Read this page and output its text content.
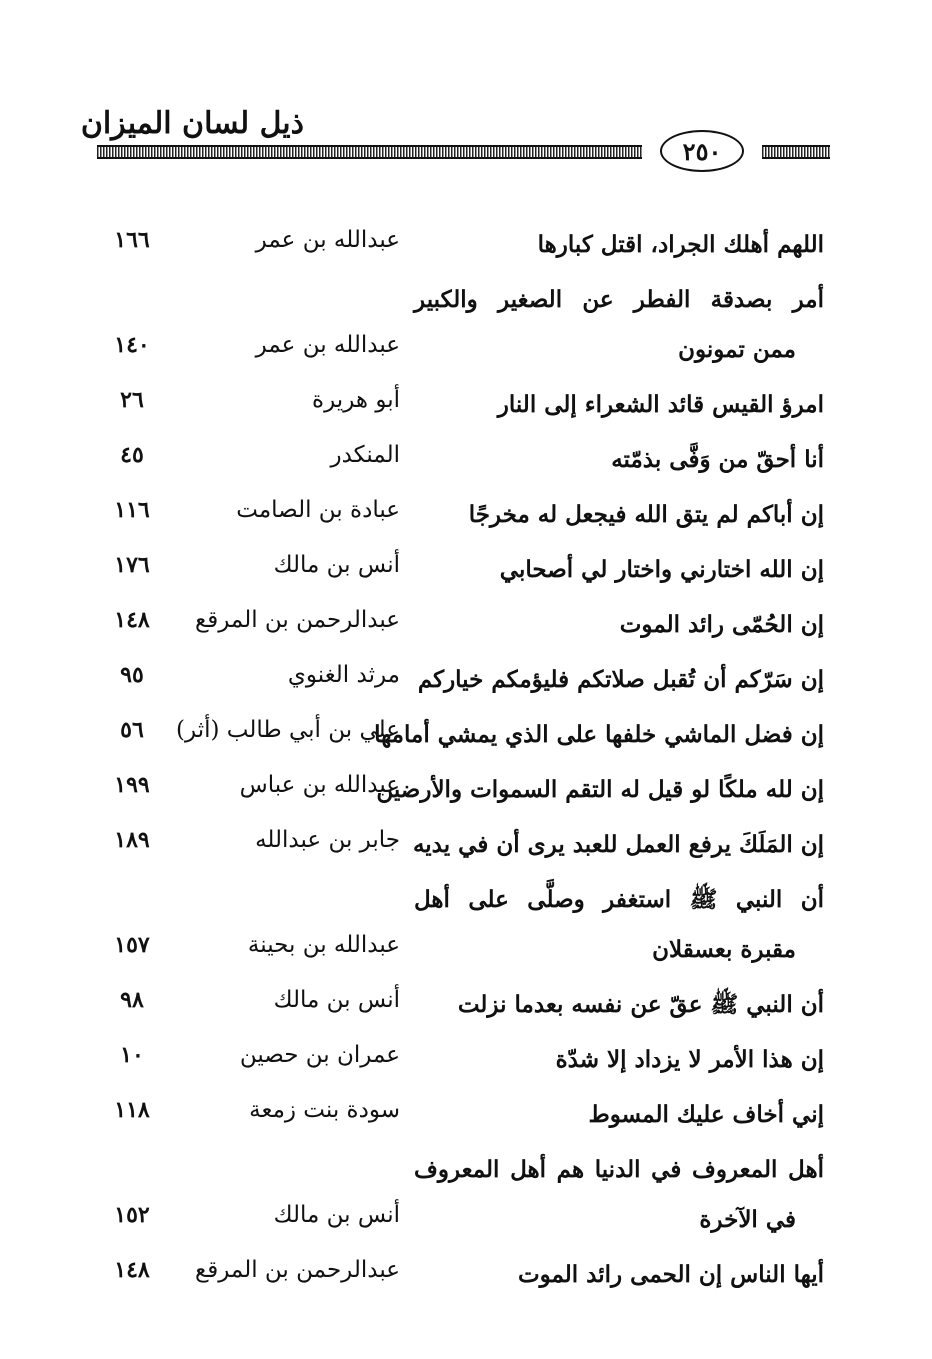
ذيل لسان الميزان
٢٥٠
اللهم أهلك الجراد، اقتل كبارها
عبدالله بن عمر
١٦٦
أمر بصدقة الفطر عن الصغير والكبير
ممن تمونون
عبدالله بن عمر
١٤٠
امرؤ القيس قائد الشعراء إلى النار
أبو هريرة
٢٦
أنا أحقّ من وَفَّى بذمّته
المنكدر
٤٥
إن أباكم لم يتق الله فيجعل له مخرجًا
عبادة بن الصامت
١١٦
إن الله اختارني واختار لي أصحابي
أنس بن مالك
١٧٦
إن الحُمّى رائد الموت
عبدالرحمن بن المرقع
١٤٨
إن سَرّكم أن تُقبل صلاتكم فليؤمكم خياركم
مرثد الغنوي
٩٥
إن فضل الماشي خلفها على الذي يمشي أمامها
علي بن أبي طالب (أثر)
٥٦
إن لله ملكًا لو قيل له التقم السموات والأرضين
عبدالله بن عباس
١٩٩
إن المَلَكَ يرفع العمل للعبد يرى أن في يديه
جابر بن عبدالله
١٨٩
أن النبي ﷺ استغفر وصلَّى على أهل
مقبرة بعسقلان
عبدالله بن بحينة
١٥٧
أن النبي ﷺ عقّ عن نفسه بعدما نزلت
أنس بن مالك
٩٨
إن هذا الأمر لا يزداد إلا شدّة
عمران بن حصين
١٠
إني أخاف عليك المسوط
سودة بنت زمعة
١١٨
أهل المعروف في الدنيا هم أهل المعروف
في الآخرة
أنس بن مالك
١٥٢
أيها الناس إن الحمى رائد الموت
عبدالرحمن بن المرقع
١٤٨
